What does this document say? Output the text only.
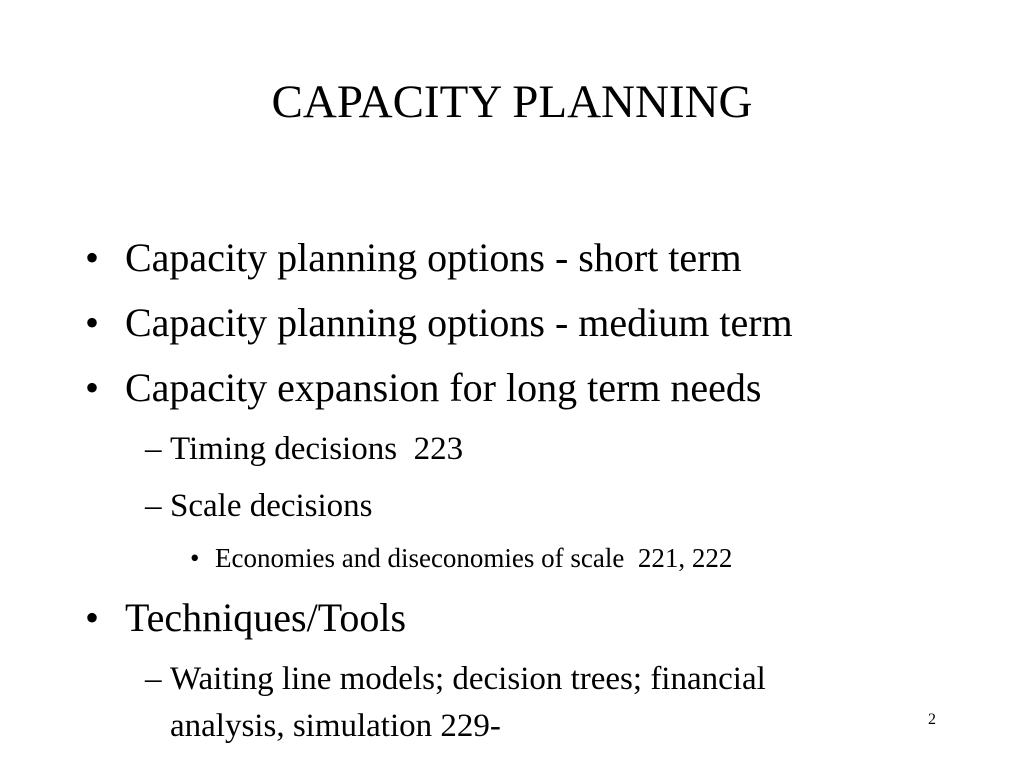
CAPACITY PLANNING
• Capacity planning options - short term
• Capacity planning options - medium term
• Capacity expansion for long term needs
– Timing decisions  223
– Scale decisions
• Economies and diseconomies of scale  221, 222
• Techniques/Tools
– Waiting line models; decision trees; financial
analysis, simulation 229-	2
